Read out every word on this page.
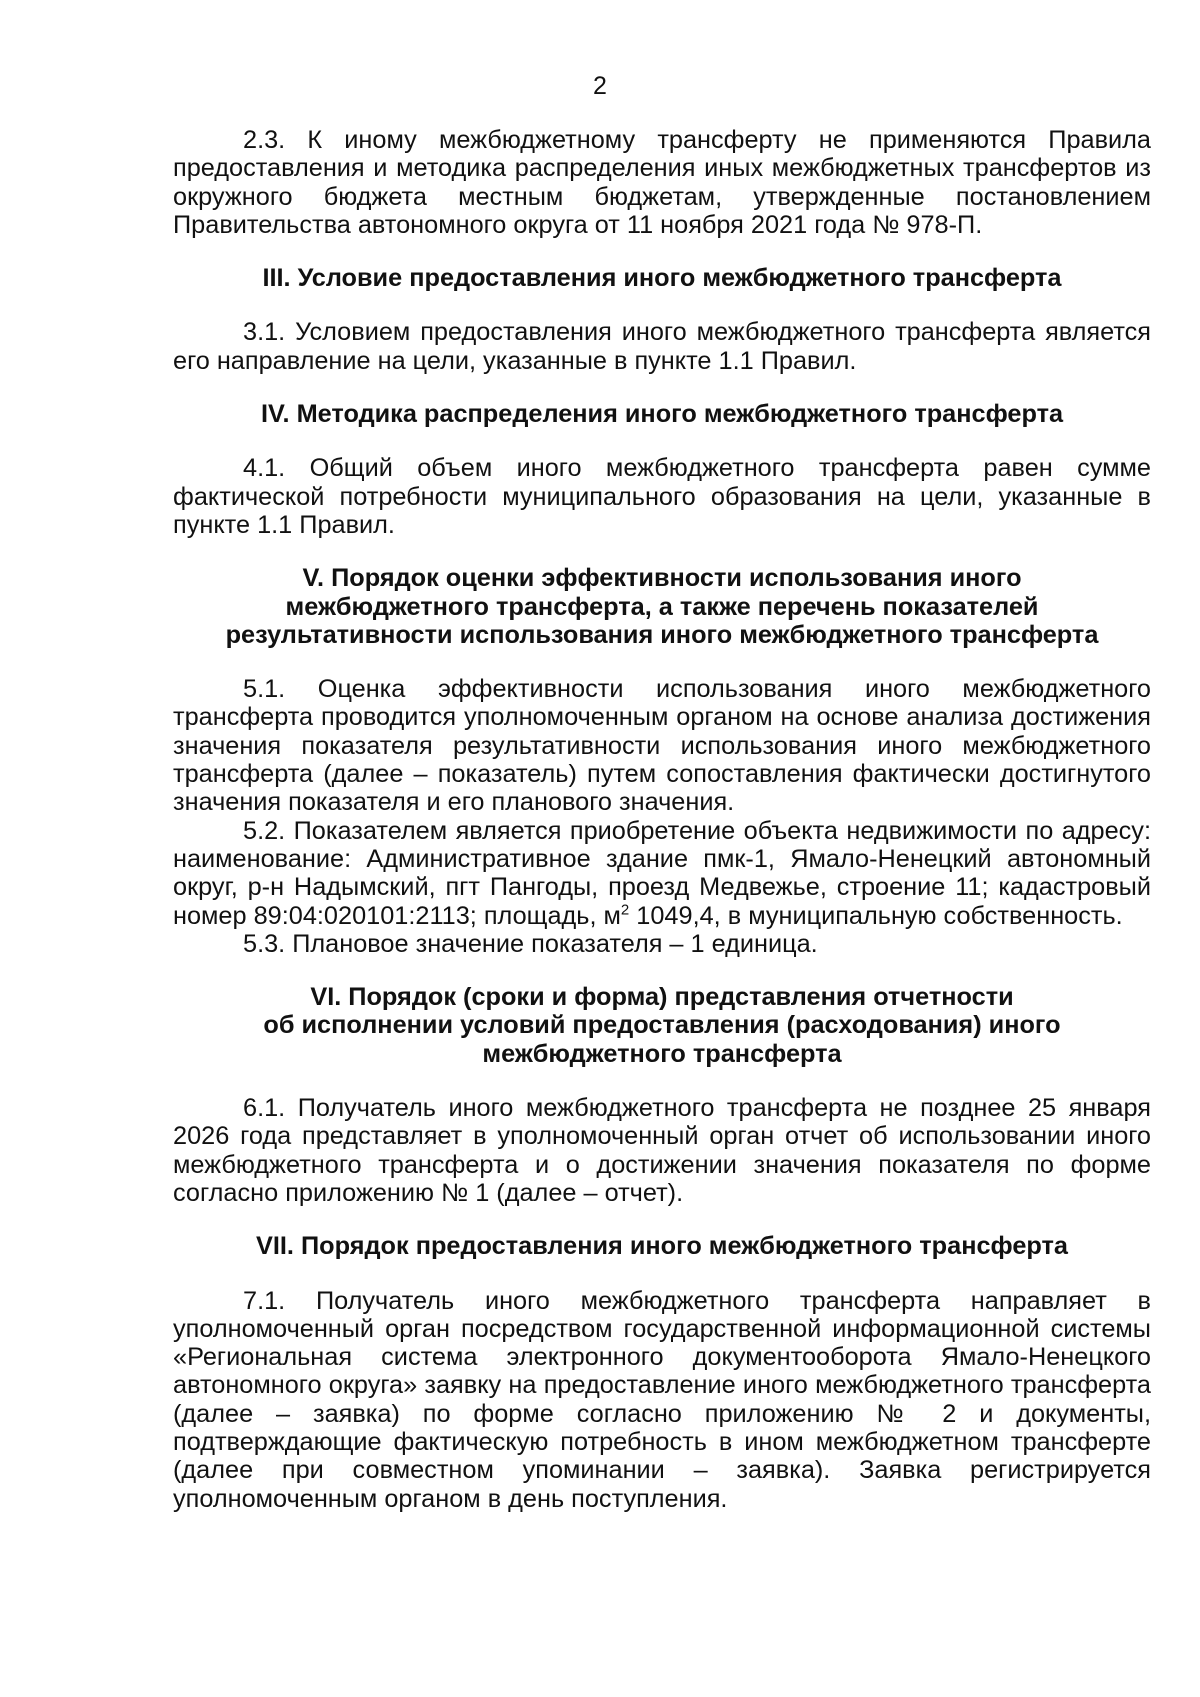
2

2.3. К иному межбюджетному трансферту не применяются Правила предоставления и методика распределения иных межбюджетных трансфертов из окружного бюджета местным бюджетам, утвержденные постановлением Правительства автономного округа от 11 ноября 2021 года № 978-П.

III. Условие предоставления иного межбюджетного трансферта

3.1. Условием предоставления иного межбюджетного трансферта является его направление на цели, указанные в пункте 1.1 Правил.

IV. Методика распределения иного межбюджетного трансферта

4.1. Общий объем иного межбюджетного трансферта равен сумме фактической потребности муниципального образования на цели, указанные в пункте 1.1 Правил.

V. Порядок оценки эффективности использования иного
межбюджетного трансферта, а также перечень показателей
результативности использования иного межбюджетного трансферта

5.1. Оценка эффективности использования иного межбюджетного трансферта проводится уполномоченным органом на основе анализа достижения значения показателя результативности использования иного межбюджетного трансферта (далее – показатель) путем сопоставления фактически достигнутого значения показателя и его планового значения.

5.2. Показателем является приобретение объекта недвижимости по адресу: наименование: Административное здание пмк-1, Ямало-Ненецкий автономный округ, р-н Надымский, пгт Пангоды, проезд Медвежье, строение 11; кадастровый номер 89:04:020101:2113; площадь, $м^2$ 1049,4, в муниципальную собственность.

5.3. Плановое значение показателя – 1 единица.

VI. Порядок (сроки и форма) представления отчетности
об исполнении условий предоставления (расходования) иного
межбюджетного трансферта

6.1. Получатель иного межбюджетного трансферта не позднее 25 января 2026 года представляет в уполномоченный орган отчет об использовании иного межбюджетного трансферта и о достижении значения показателя по форме согласно приложению № 1 (далее – отчет).

VII. Порядок предоставления иного межбюджетного трансферта

7.1. Получатель иного межбюджетного трансферта направляет в уполномоченный орган посредством государственной информационной системы «Региональная система электронного документооборота Ямало-Ненецкого автономного округа» заявку на предоставление иного межбюджетного трансферта (далее – заявка) по форме согласно приложению № 2 и документы, подтверждающие фактическую потребность в ином межбюджетном трансферте (далее при совместном упоминании – заявка). Заявка регистрируется уполномоченным органом в день поступления.
